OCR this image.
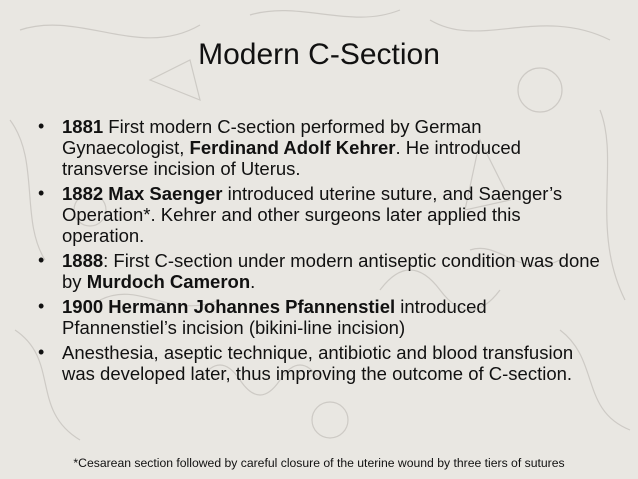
Modern C-Section
• 1881 First modern C-section performed by German Gynaecologist, Ferdinand Adolf Kehrer. He introduced transverse incision of Uterus.
• 1882 Max Saenger introduced uterine suture, and Saenger’s Operation*. Kehrer and other surgeons later applied this operation.
• 1888: First C-section under modern antiseptic condition was done by Murdoch Cameron.
• 1900 Hermann Johannes Pfannenstiel introduced Pfannenstiel’s incision (bikini-line incision)
• Anesthesia, aseptic technique, antibiotic and blood transfusion was developed later, thus improving the outcome of C-section.
*Cesarean section followed by careful closure of the uterine wound by three tiers of sutures
